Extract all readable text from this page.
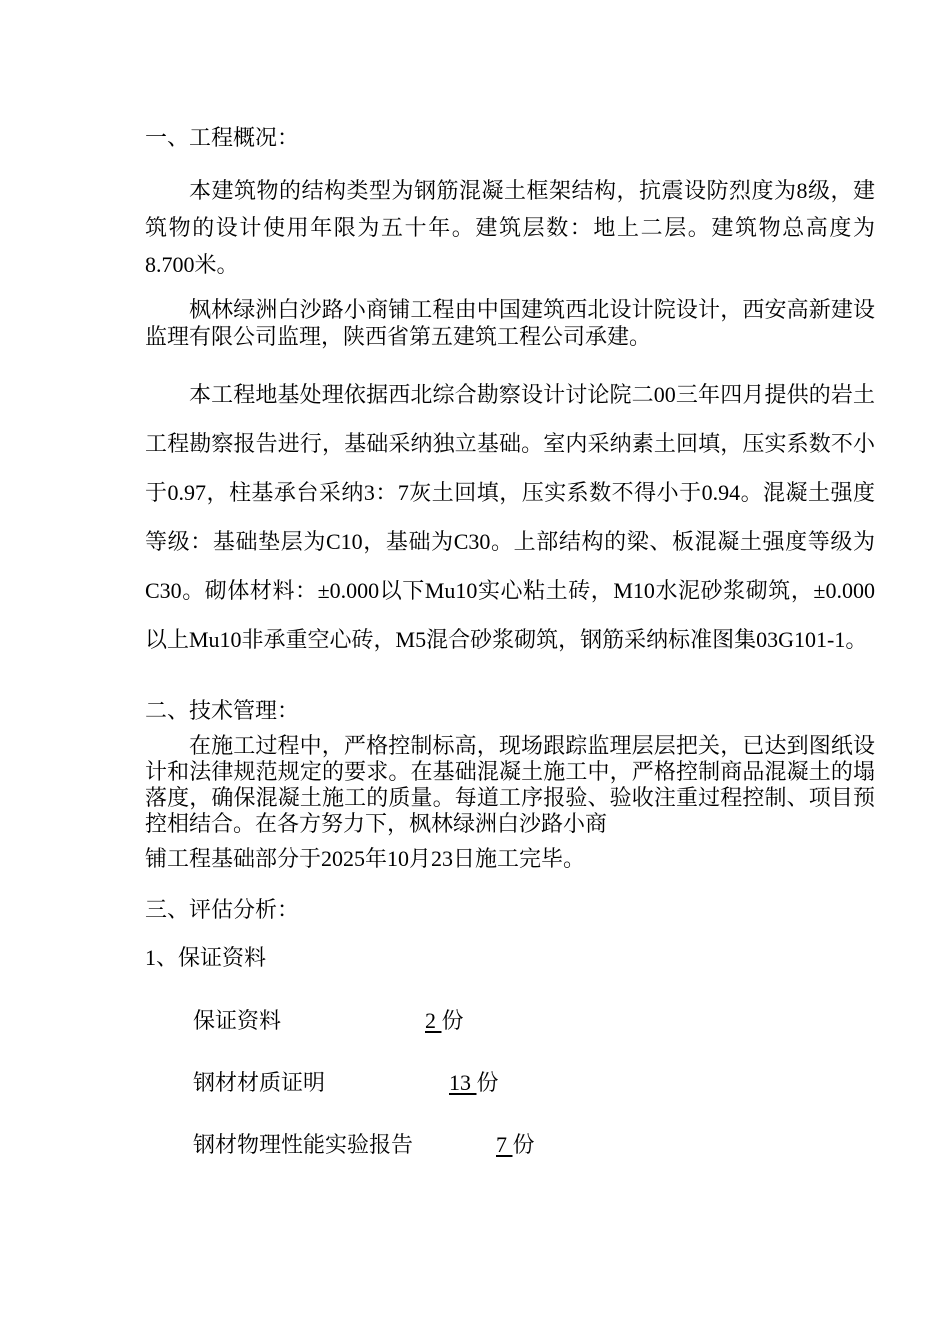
一、工程概况：
本建筑物的结构类型为钢筋混凝土框架结构，抗震设防烈度为8级，建筑物的设计使用年限为五十年。建筑层数：地上二层。建筑物总高度为8.700米。
枫林绿洲白沙路小商铺工程由中国建筑西北设计院设计，西安高新建设监理有限公司监理，陕西省第五建筑工程公司承建。
本工程地基处理依据西北综合勘察设计讨论院二00三年四月提供的岩土工程勘察报告进行，基础采纳独立基础。室内采纳素土回填，压实系数不小于0.97，柱基承台采纳3：7灰土回填，压实系数不得小于0.94。混凝土强度等级：基础垫层为C10，基础为C30。上部结构的梁、板混凝土强度等级为C30。砌体材料：±0.000以下Mu10实心粘土砖，M10水泥砂浆砌筑，±0.000以上Mu10非承重空心砖，M5混合砂浆砌筑，钢筋采纳标准图集03G101-1。
二、技术管理：
在施工过程中，严格控制标高，现场跟踪监理层层把关，已达到图纸设计和法律规范规定的要求。在基础混凝土施工中，严格控制商品混凝土的塌落度，确保混凝土施工的质量。每道工序报验、验收注重过程控制、项目预控相结合。在各方努力下，枫林绿洲白沙路小商
铺工程基础部分于2025年10月23日施工完毕。
三、评估分析：
1、保证资料
保证资料	2 份
钢材材质证明	13 份
钢材物理性能实验报告	7 份
